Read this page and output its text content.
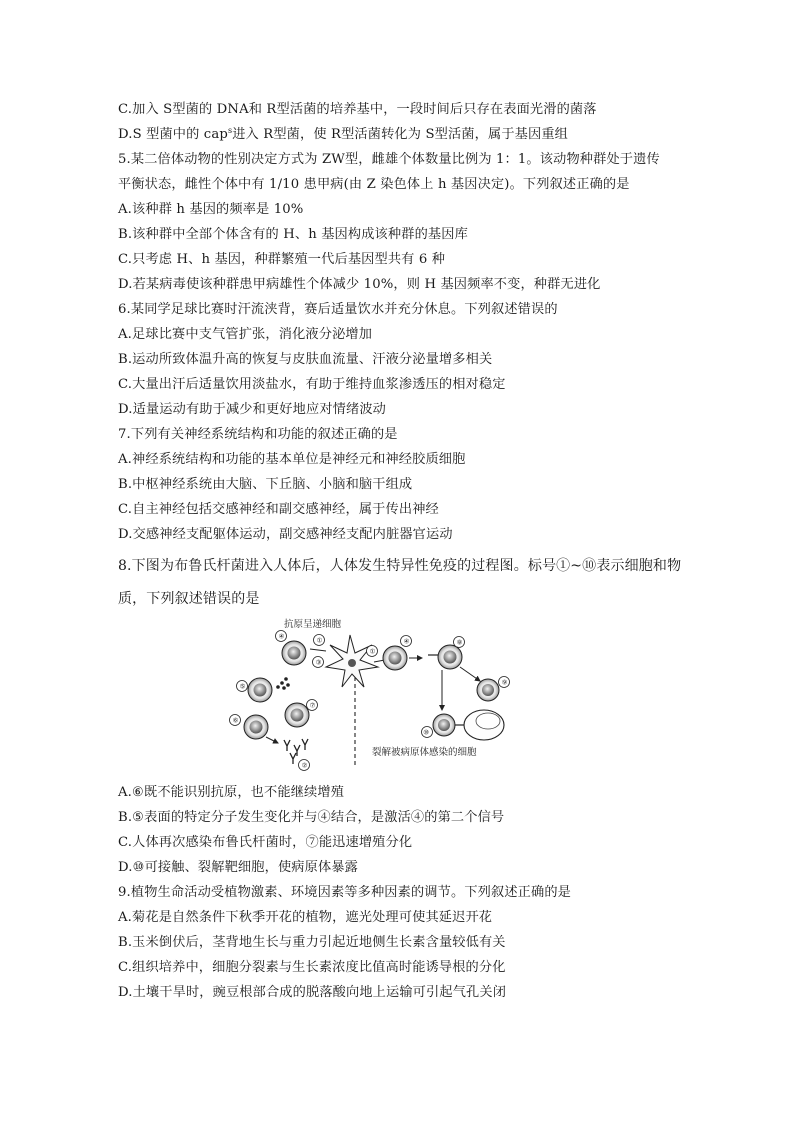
C.加入 S型菌的 DNA和 R型活菌的培养基中，一段时间后只存在表面光滑的菌落
D.S 型菌中的 cap$^s$进入 R型菌，使 R型活菌转化为 S型活菌，属于基因重组
5.某二倍体动物的性别决定方式为 ZW型，雌雄个体数量比例为 1：1。该动物种群处于遗传
平衡状态，雌性个体中有 1/10 患甲病(由 Z 染色体上 h 基因决定)。下列叙述正确的是
A.该种群 h 基因的频率是 10%
B.该种群中全部个体含有的 H、h 基因构成该种群的基因库
C.只考虑 H、h 基因，种群繁殖一代后基因型共有 6 种
D.若某病毒使该种群患甲病雄性个体减少 10%，则 H 基因频率不变，种群无进化
6.某同学足球比赛时汗流浃背，赛后适量饮水并充分休息。下列叙述错误的
A.足球比赛中支气管扩张，消化液分泌增加
B.运动所致体温升高的恢复与皮肤血流量、汗液分泌量增多相关
C.大量出汗后适量饮用淡盐水，有助于维持血浆渗透压的相对稳定
D.适量运动有助于减少和更好地应对情绪波动
7.下列有关神经系统结构和功能的叙述正确的是
A.神经系统结构和功能的基本单位是神经元和神经胶质细胞
B.中枢神经系统由大脑、下丘脑、小脑和脑干组成
C.自主神经包括交感神经和副交感神经，属于传出神经
D.交感神经支配躯体运动，副交感神经支配内脏器官运动
8.下图为布鲁氏杆菌进入人体后，人体发生特异性免疫的过程图。标号①~⑩表示细胞和物
质，下列叙述错误的是
抗原呈递细胞
①
④
③
⑤
⑦
⑥
②
①
④	⑧
⑨
⑩
裂解被病原体感染的细胞
A.⑥既不能识别抗原，也不能继续增殖
B.⑤表面的特定分子发生变化并与④结合，是激活④的第二个信号
C.人体再次感染布鲁氏杆菌时，⑦能迅速增殖分化
D.⑩可接触、裂解靶细胞，使病原体暴露
9.植物生命活动受植物激素、环境因素等多种因素的调节。下列叙述正确的是
A.菊花是自然条件下秋季开花的植物，遮光处理可使其延迟开花
B.玉米倒伏后，茎背地生长与重力引起近地侧生长素含量较低有关
C.组织培养中，细胞分裂素与生长素浓度比值高时能诱导根的分化
D.土壤干旱时，豌豆根部合成的脱落酸向地上运输可引起气孔关闭
